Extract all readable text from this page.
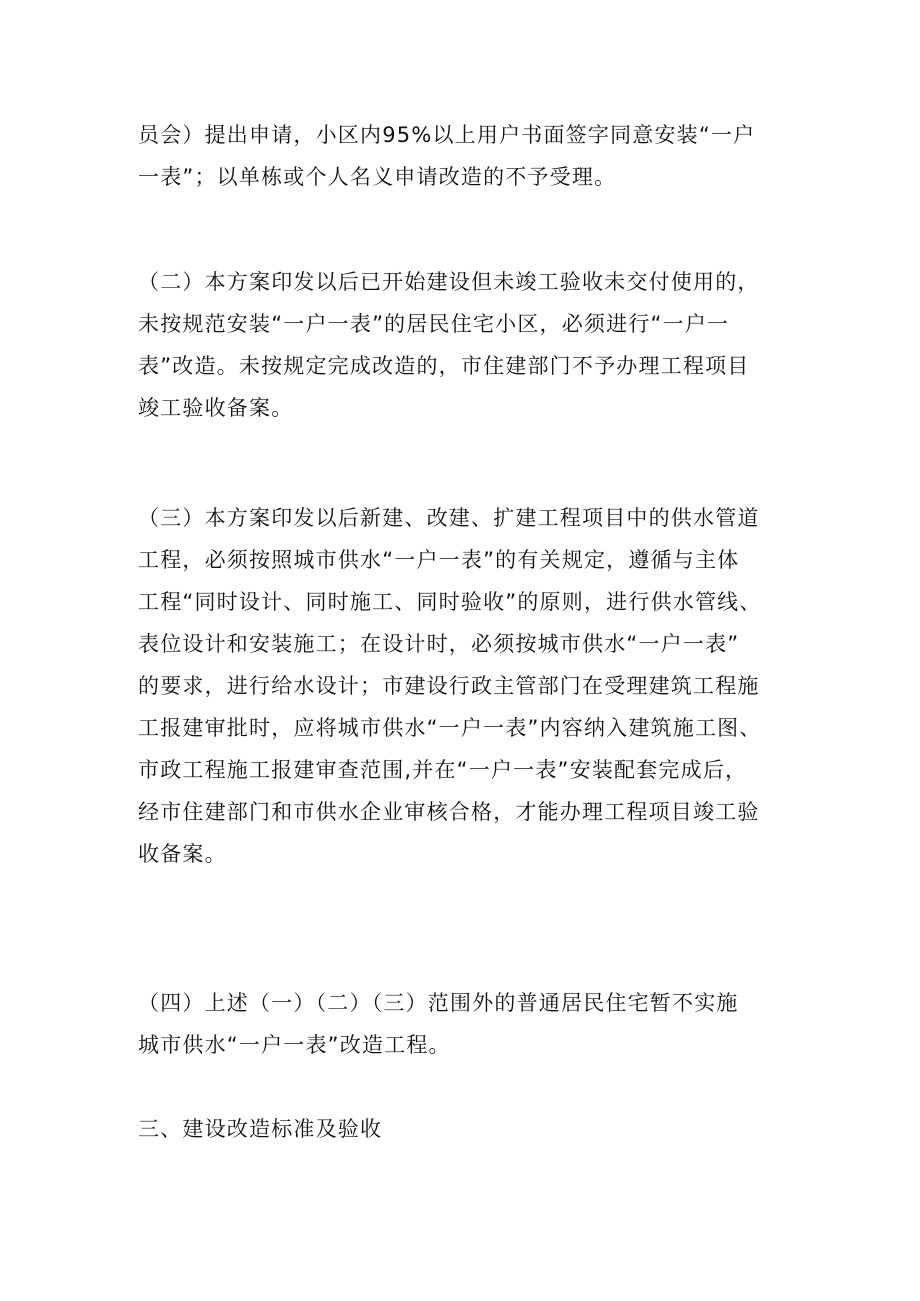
员会）提出申请，小区内95%以上用户书面签字同意安装“一户
一表”；以单栋或个人名义申请改造的不予受理。

（二）本方案印发以后已开始建设但未竣工验收未交付使用的，
未按规范安装“一户一表”的居民住宅小区，必须进行“一户一
表”改造。未按规定完成改造的，市住建部门不予办理工程项目
竣工验收备案。

（三）本方案印发以后新建、改建、扩建工程项目中的供水管道
工程，必须按照城市供水“一户一表”的有关规定，遵循与主体
工程“同时设计、同时施工、同时验收”的原则，进行供水管线、
表位设计和安装施工；在设计时，必须按城市供水“一户一表”
的要求，进行给水设计；市建设行政主管部门在受理建筑工程施
工报建审批时，应将城市供水“一户一表”内容纳入建筑施工图、
市政工程施工报建审查范围,并在“一户一表”安装配套完成后，
经市住建部门和市供水企业审核合格，才能办理工程项目竣工验
收备案。

（四）上述（一）（二）（三）范围外的普通居民住宅暂不实施
城市供水“一户一表”改造工程。

三、建设改造标准及验收
